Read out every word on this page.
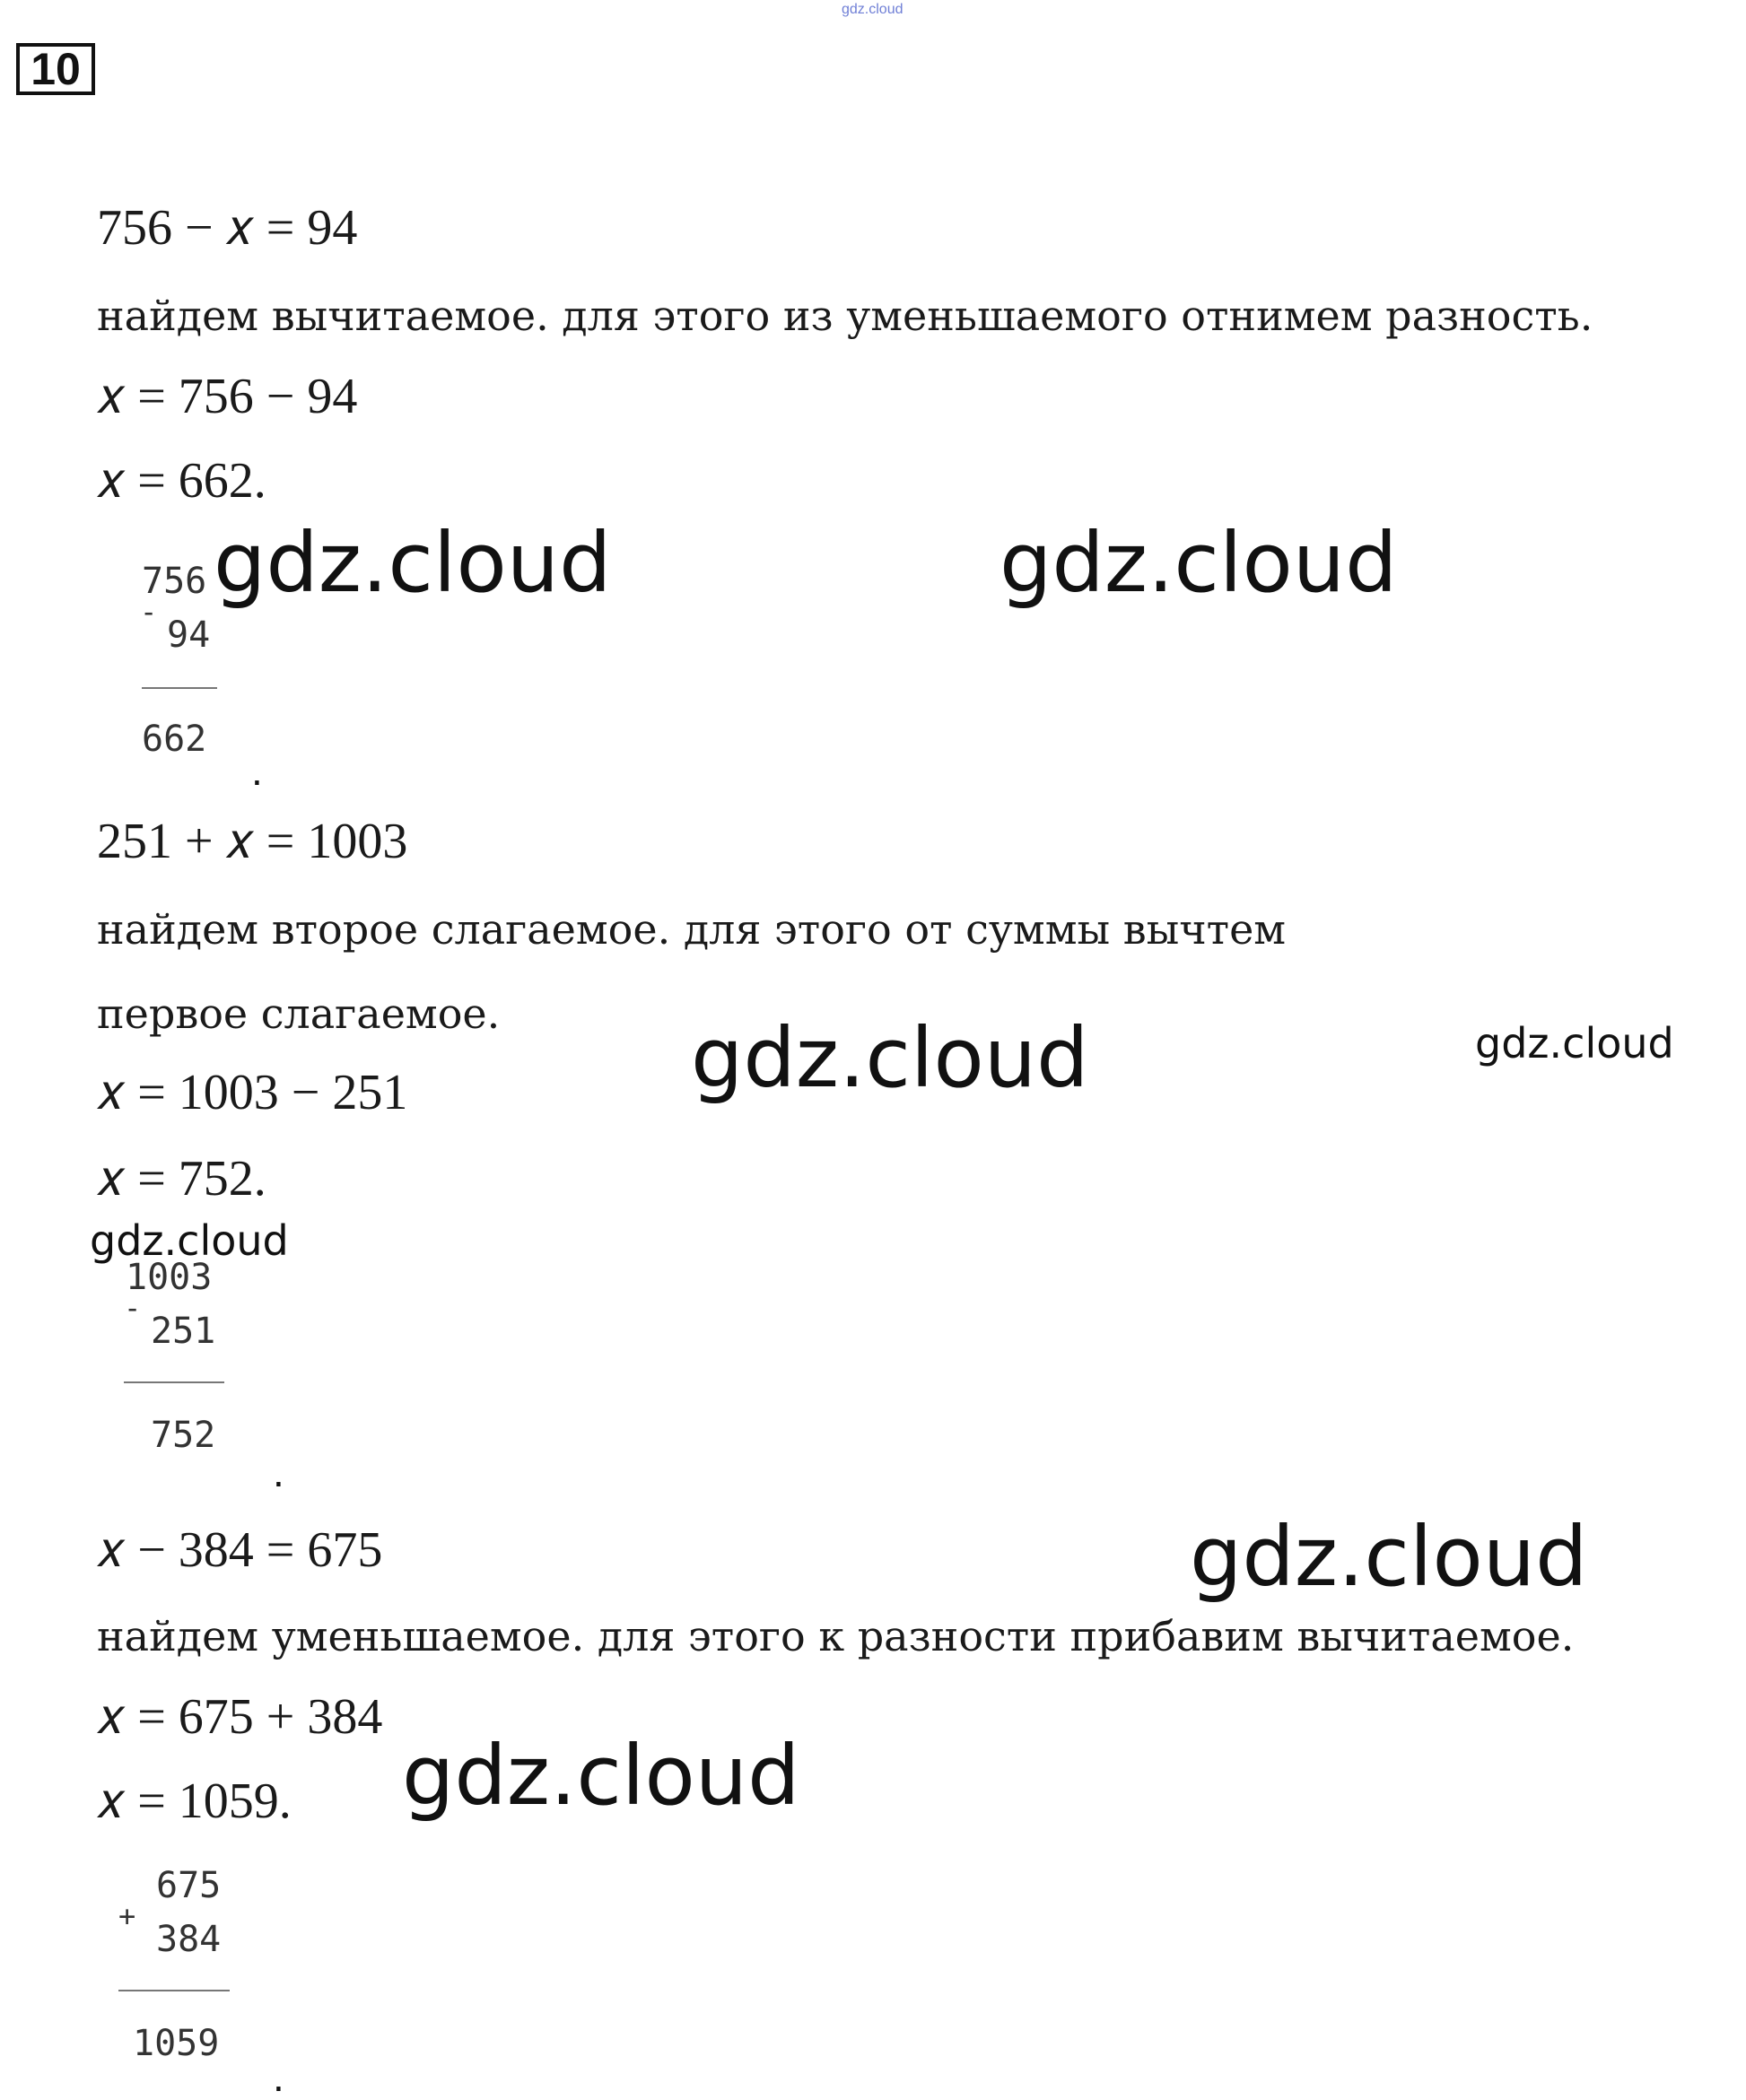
gdz.cloud
10
756 − 𝑥 = 94
найдем вычитаемое. для этого из уменьшаемого отнимем разность.
𝑥 = 756 − 94
𝑥 = 662.
756
-
94
662
.
251 + 𝑥 = 1003
найдем второе слагаемое. для этого от суммы вычтем
первое слагаемое.
𝑥 = 1003 − 251
𝑥 = 752.
1003
-
251
752
.
𝑥 − 384 = 675
найдем уменьшаемое. для этого к разности прибавим вычитаемое.
𝑥 = 675 + 384
𝑥 = 1059.
+
675
384
1059
.
gdz.cloud	gdz.cloud
gdz.cloud	gdz.cloud
gdz.cloud
gdz.cloud
gdz.cloud
